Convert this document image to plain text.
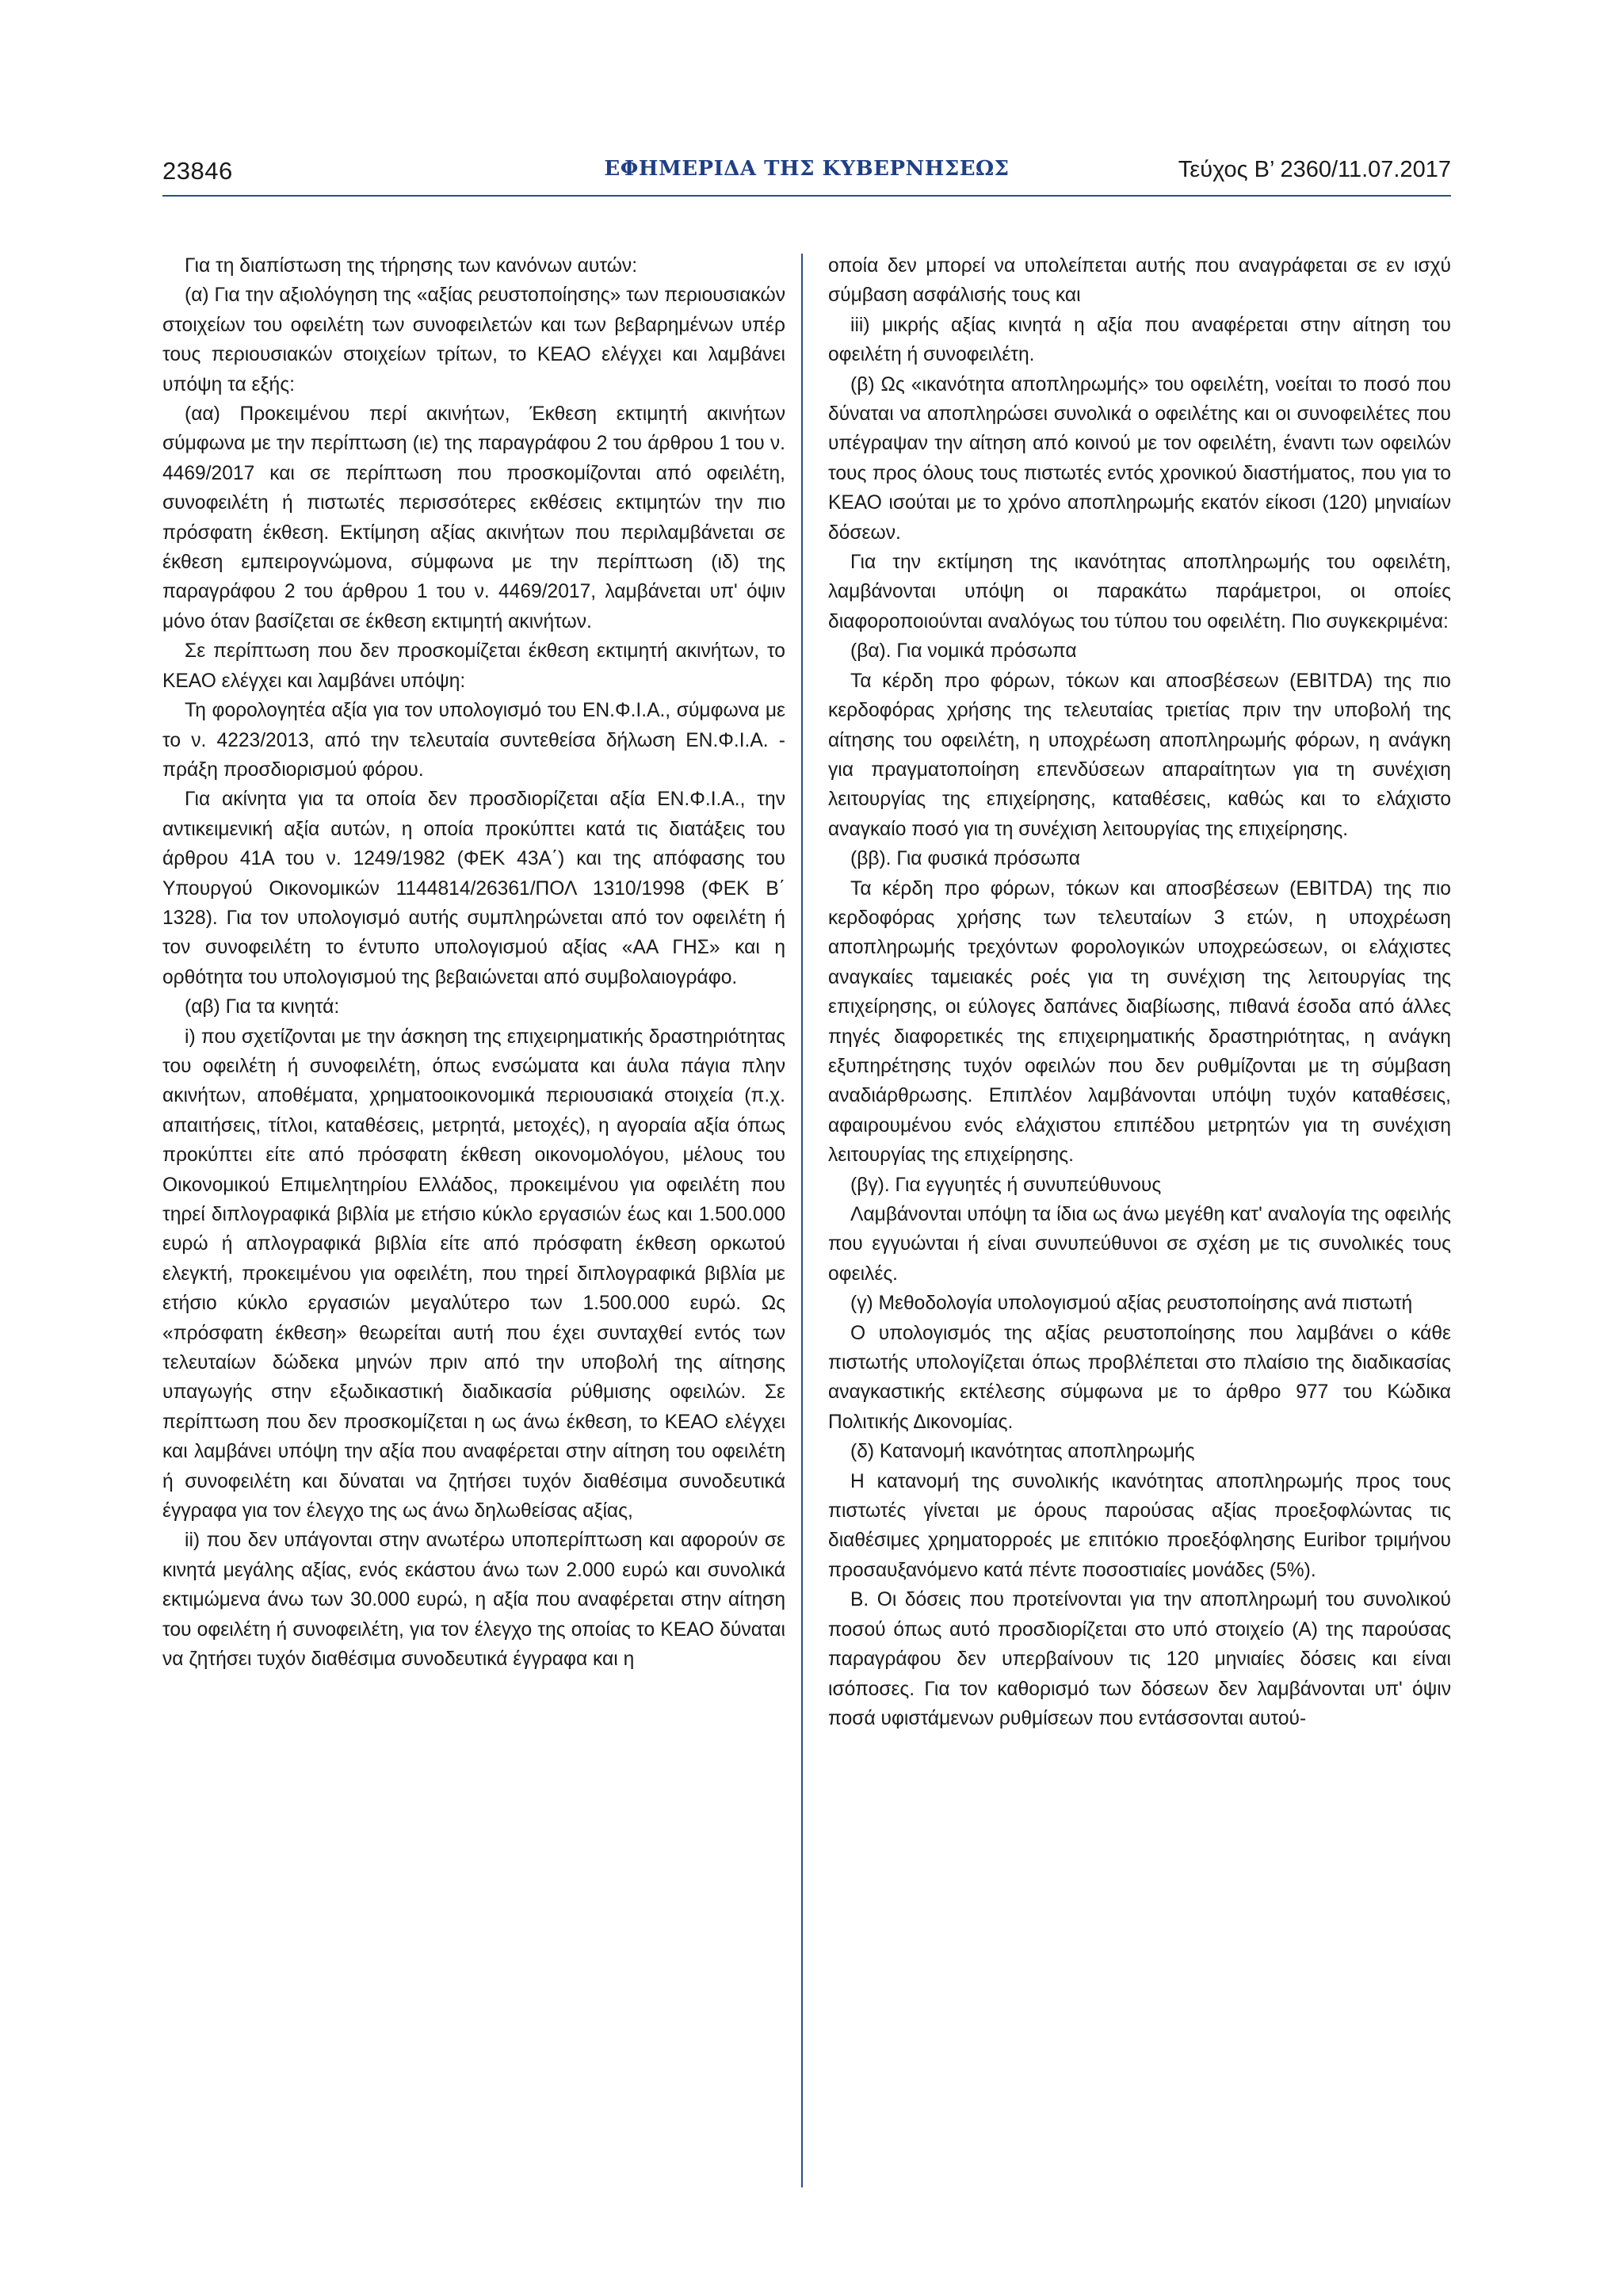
23846	ΕΦΗΜΕΡΙΔΑ ΤΗΣ ΚΥΒΕΡΝΗΣΕΩΣ	Τεύχος Β’ 2360/11.07.2017

Για τη διαπίστωση της τήρησης των κανόνων αυτών:

(α) Για την αξιολόγηση της «αξίας ρευστοποίησης» των περιουσιακών στοιχείων του οφειλέτη των συνοφειλετών και των βεβαρημένων υπέρ τους περιουσιακών στοιχείων τρίτων, το ΚΕΑΟ ελέγχει και λαμβάνει υπόψη τα εξής:

(αα) Προκειμένου περί ακινήτων, Έκθεση εκτιμητή ακινήτων σύμφωνα με την περίπτωση (ιε) της παραγράφου 2 του άρθρου 1 του ν. 4469/2017 και σε περίπτωση που προσκομίζονται από οφειλέτη, συνοφειλέτη ή πιστωτές περισσότερες εκθέσεις εκτιμητών την πιο πρόσφατη έκθεση. Εκτίμηση αξίας ακινήτων που περιλαμβάνεται σε έκθεση εμπειρογνώμονα, σύμφωνα με την περίπτωση (ιδ) της παραγράφου 2 του άρθρου 1 του ν. 4469/2017, λαμβάνεται υπ' όψιν μόνο όταν βασίζεται σε έκθεση εκτιμητή ακινήτων.

Σε περίπτωση που δεν προσκομίζεται έκθεση εκτιμητή ακινήτων, το ΚΕΑΟ ελέγχει και λαμβάνει υπόψη:

Τη φορολογητέα αξία για τον υπολογισμό του ΕΝ.Φ.Ι.Α., σύμφωνα με το ν. 4223/2013, από την τελευταία συντεθείσα δήλωση ΕΝ.Φ.Ι.Α. - πράξη προσδιορισμού φόρου.

Για ακίνητα για τα οποία δεν προσδιορίζεται αξία ΕΝ.Φ.Ι.Α., την αντικειμενική αξία αυτών, η οποία προκύπτει κατά τις διατάξεις του άρθρου 41Α του ν. 1249/1982 (ΦΕΚ 43Α΄) και της απόφασης του Υπουργού Οικονομικών 1144814/26361/ΠΟΛ 1310/1998 (ΦΕΚ Β΄ 1328). Για τον υπολογισμό αυτής συμπληρώνεται από τον οφειλέτη ή τον συνοφειλέτη το έντυπο υπολογισμού αξίας «ΑΑ ΓΗΣ» και η ορθότητα του υπολογισμού της βεβαιώνεται από συμβολαιογράφο.

(αβ) Για τα κινητά:

i) που σχετίζονται με την άσκηση της επιχειρηματικής δραστηριότητας του οφειλέτη ή συνοφειλέτη, όπως ενσώματα και άυλα πάγια πλην ακινήτων, αποθέματα, χρηματοοικονομικά περιουσιακά στοιχεία (π.χ. απαιτήσεις, τίτλοι, καταθέσεις, μετρητά, μετοχές), η αγοραία αξία όπως προκύπτει είτε από πρόσφατη έκθεση οικονομολόγου, μέλους του Οικονομικού Επιμελητηρίου Ελλάδος, προκειμένου για οφειλέτη που τηρεί διπλογραφικά βιβλία με ετήσιο κύκλο εργασιών έως και 1.500.000 ευρώ ή απλογραφικά βιβλία είτε από πρόσφατη έκθεση ορκωτού ελεγκτή, προκειμένου για οφειλέτη, που τηρεί διπλογραφικά βιβλία με ετήσιο κύκλο εργασιών μεγαλύτερο των 1.500.000 ευρώ. Ως «πρόσφατη έκθεση» θεωρείται αυτή που έχει συνταχθεί εντός των τελευταίων δώδεκα μηνών πριν από την υποβολή της αίτησης υπαγωγής στην εξωδικαστική διαδικασία ρύθμισης οφειλών. Σε περίπτωση που δεν προσκομίζεται η ως άνω έκθεση, το ΚΕΑΟ ελέγχει και λαμβάνει υπόψη την αξία που αναφέρεται στην αίτηση του οφειλέτη ή συνοφειλέτη και δύναται να ζητήσει τυχόν διαθέσιμα συνοδευτικά έγγραφα για τον έλεγχο της ως άνω δηλωθείσας αξίας,

ii) που δεν υπάγονται στην ανωτέρω υποπερίπτωση και αφορούν σε κινητά μεγάλης αξίας, ενός εκάστου άνω των 2.000 ευρώ και συνολικά εκτιμώμενα άνω των 30.000 ευρώ, η αξία που αναφέρεται στην αίτηση του οφειλέτη ή συνοφειλέτη, για τον έλεγχο της οποίας το ΚΕΑΟ δύναται να ζητήσει τυχόν διαθέσιμα συνοδευτικά έγγραφα και η

οποία δεν μπορεί να υπολείπεται αυτής που αναγράφεται σε εν ισχύ σύμβαση ασφάλισής τους και

iii) μικρής αξίας κινητά η αξία που αναφέρεται στην αίτηση του οφειλέτη ή συνοφειλέτη.

(β) Ως «ικανότητα αποπληρωμής» του οφειλέτη, νοείται το ποσό που δύναται να αποπληρώσει συνολικά ο οφειλέτης και οι συνοφειλέτες που υπέγραψαν την αίτηση από κοινού με τον οφειλέτη, έναντι των οφειλών τους προς όλους τους πιστωτές εντός χρονικού διαστήματος, που για το ΚΕΑΟ ισούται με το χρόνο αποπληρωμής εκατόν είκοσι (120) μηνιαίων δόσεων.

Για την εκτίμηση της ικανότητας αποπληρωμής του οφειλέτη, λαμβάνονται υπόψη οι παρακάτω παράμετροι, οι οποίες διαφοροποιούνται αναλόγως του τύπου του οφειλέτη. Πιο συγκεκριμένα:

(βα). Για νομικά πρόσωπα

Τα κέρδη προ φόρων, τόκων και αποσβέσεων (EBITDA) της πιο κερδοφόρας χρήσης της τελευταίας τριετίας πριν την υποβολή της αίτησης του οφειλέτη, η υποχρέωση αποπληρωμής φόρων, η ανάγκη για πραγματοποίηση επενδύσεων απαραίτητων για τη συνέχιση λειτουργίας της επιχείρησης, καταθέσεις, καθώς και το ελάχιστο αναγκαίο ποσό για τη συνέχιση λειτουργίας της επιχείρησης.

(ββ). Για φυσικά πρόσωπα

Τα κέρδη προ φόρων, τόκων και αποσβέσεων (EBITDA) της πιο κερδοφόρας χρήσης των τελευταίων 3 ετών, η υποχρέωση αποπληρωμής τρεχόντων φορολογικών υποχρεώσεων, οι ελάχιστες αναγκαίες ταμειακές ροές για τη συνέχιση της λειτουργίας της επιχείρησης, οι εύλογες δαπάνες διαβίωσης, πιθανά έσοδα από άλλες πηγές διαφορετικές της επιχειρηματικής δραστηριότητας, η ανάγκη εξυπηρέτησης τυχόν οφειλών που δεν ρυθμίζονται με τη σύμβαση αναδιάρθρωσης. Επιπλέον λαμβάνονται υπόψη τυχόν καταθέσεις, αφαιρουμένου ενός ελάχιστου επιπέδου μετρητών για τη συνέχιση λειτουργίας της επιχείρησης.

(βγ). Για εγγυητές ή συνυπεύθυνους

Λαμβάνονται υπόψη τα ίδια ως άνω μεγέθη κατ' αναλογία της οφειλής που εγγυώνται ή είναι συνυπεύθυνοι σε σχέση με τις συνολικές τους οφειλές.

(γ) Μεθοδολογία υπολογισμού αξίας ρευστοποίησης ανά πιστωτή

Ο υπολογισμός της αξίας ρευστοποίησης που λαμβάνει ο κάθε πιστωτής υπολογίζεται όπως προβλέπεται στο πλαίσιο της διαδικασίας αναγκαστικής εκτέλεσης σύμφωνα με το άρθρο 977 του Κώδικα Πολιτικής Δικονομίας.

(δ) Κατανομή ικανότητας αποπληρωμής

Η κατανομή της συνολικής ικανότητας αποπληρωμής προς τους πιστωτές γίνεται με όρους παρούσας αξίας προεξοφλώντας τις διαθέσιμες χρηματορροές με επιτόκιο προεξόφλησης Euribor τριμήνου προσαυξανόμενο κατά πέντε ποσοστιαίες μονάδες (5%).

Β. Οι δόσεις που προτείνονται για την αποπληρωμή του συνολικού ποσού όπως αυτό προσδιορίζεται στο υπό στοιχείο (Α) της παρούσας παραγράφου δεν υπερβαίνουν τις 120 μηνιαίες δόσεις και είναι ισόποσες. Για τον καθορισμό των δόσεων δεν λαμβάνονται υπ' όψιν ποσά υφιστάμενων ρυθμίσεων που εντάσσονται αυτού-
